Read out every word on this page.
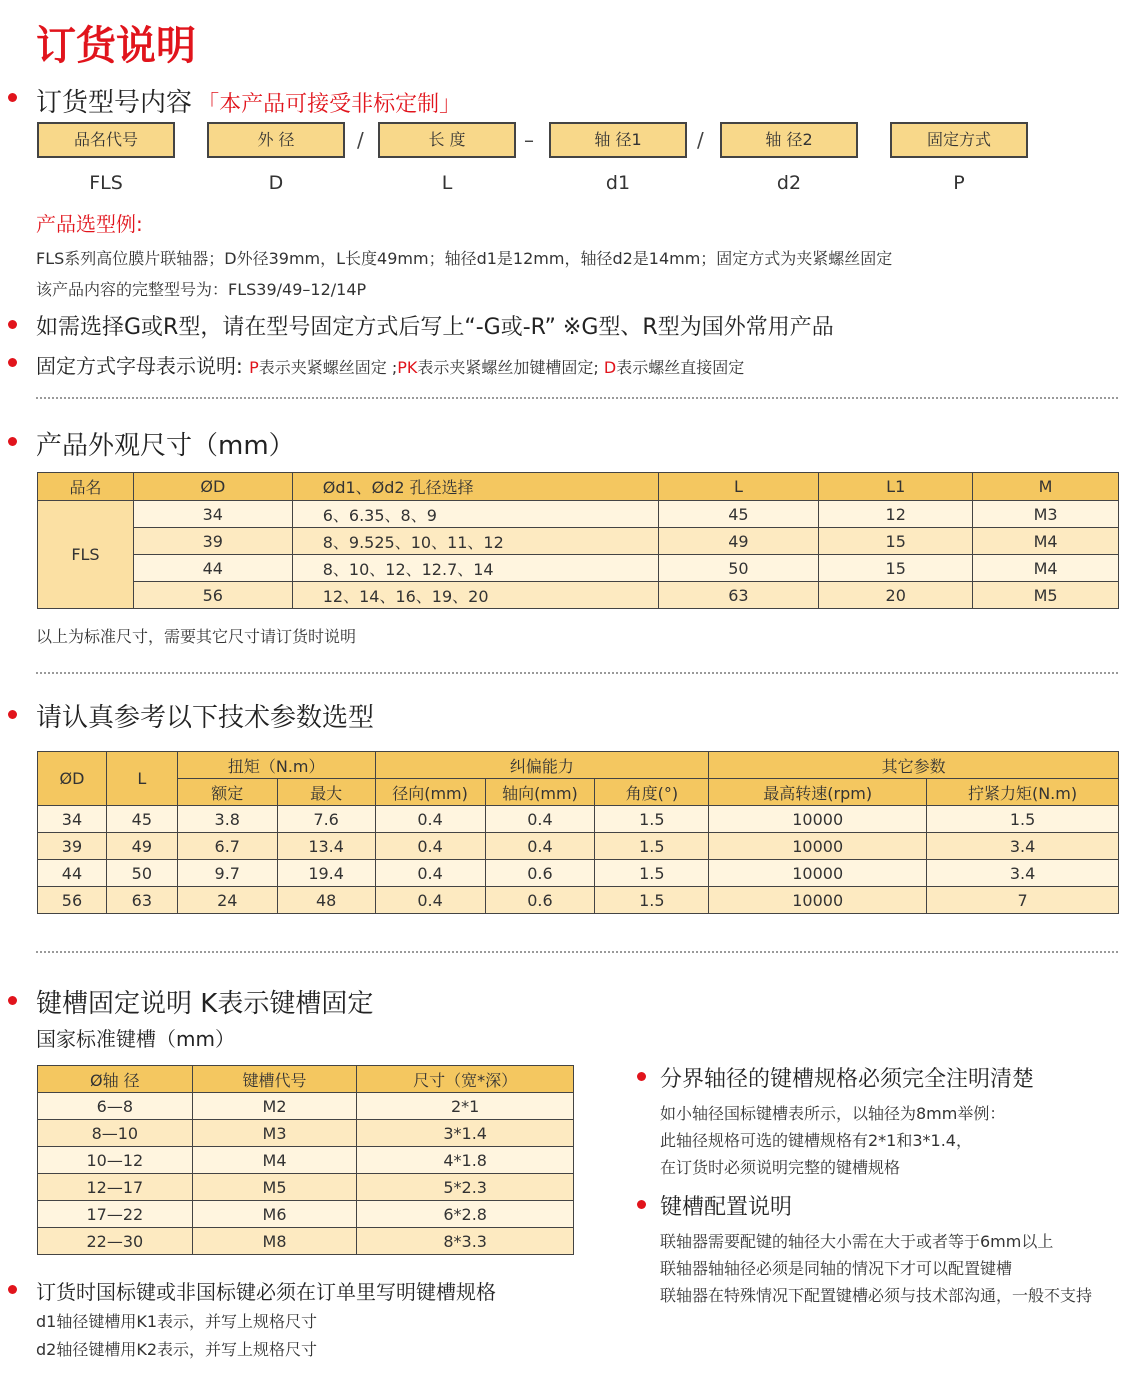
订货说明
订货型号内容 「本产品可接受非标定制」
品名代号	外 径	长 度	轴 径1	轴 径2	固定方式
/	–	/
FLS	D	L	d1	d2	P
产品选型例:
FLS系列高位膜片联轴器；D外径39mm，L长度49mm；轴径d1是12mm，轴径d2是14mm；固定方式为夹紧螺丝固定
该产品内容的完整型号为：FLS39/49–12/14P
如需选择G或R型，请在型号固定方式后写上“-G或-R” ※G型、R型为国外常用产品
固定方式字母表示说明: P表示夹紧螺丝固定 ;PK表示夹紧螺丝加键槽固定; D表示螺丝直接固定
产品外观尺寸（mm）
品名	ØD	Ød1、Ød2 孔径选择	L	L1	M
FLS	34	6、6.35、8、9	45	12	M3
	39	8、9.525、10、11、12	49	15	M4
	44	8、10、12、12.7、14	50	15	M4
	56	12、14、16、19、20	63	20	M5
以上为标准尺寸，需要其它尺寸请订货时说明
请认真参考以下技术参数选型
ØD	L	扭矩（N.m）		纠偏能力			其它参数	
		额定	最大	径向(mm)	轴向(mm)	角度(°)	最高转速(rpm)	拧紧力矩(N.m)
34	45	3.8	7.6	0.4	0.4	1.5	10000	1.5
39	49	6.7	13.4	0.4	0.4	1.5	10000	3.4
44	50	9.7	19.4	0.4	0.6	1.5	10000	3.4
56	63	24	48	0.4	0.6	1.5	10000	7
键槽固定说明 K表示键槽固定
国家标准键槽（mm）
Ø轴 径	键槽代号	尺寸（宽*深）
6—8	M2	2*1
8—10	M3	3*1.4
10—12	M4	4*1.8
12—17	M5	5*2.3
17—22	M6	6*2.8
22—30	M8	8*3.3
订货时国标键或非国标键必须在订单里写明键槽规格
d1轴径键槽用K1表示，并写上规格尺寸
d2轴径键槽用K2表示，并写上规格尺寸
分界轴径的键槽规格必须完全注明清楚
如小轴径国标键槽表所示，以轴径为8mm举例：
此轴径规格可选的键槽规格有2*1和3*1.4，
在订货时必须说明完整的键槽规格
键槽配置说明
联轴器需要配键的轴径大小需在大于或者等于6mm以上
联轴器轴轴径必须是同轴的情况下才可以配置键槽
联轴器在特殊情况下配置键槽必须与技术部沟通，一般不支持
